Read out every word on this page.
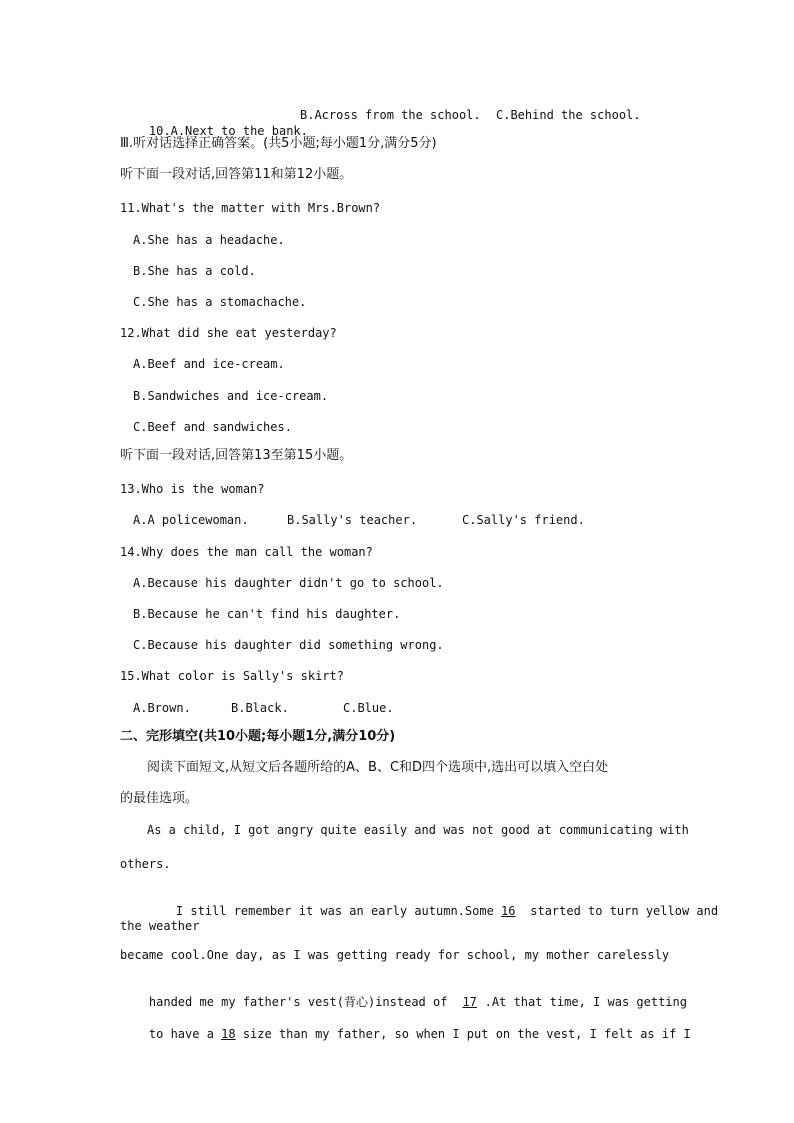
10.A.Next to the bank.

B.Across from the school. C.Behind the school.
Ⅲ.听对话选择正确答案。(共5小题;每小题1分,满分5分)
听下面一段对话,回答第11和第12小题。
11.What's the matter with Mrs.Brown?
A.She has a headache.
B.She has a cold.
C.She has a stomachache.
12.What did she eat yesterday?
A.Beef and ice-cream.
B.Sandwiches and ice-cream.
C.Beef and sandwiches.
听下面一段对话,回答第13至第15小题。
13.Who is the woman?
A.A policewoman.	B.Sally's teacher.	C.Sally's friend.
14.Why does the man call the woman?
A.Because his daughter didn't go to school.
B.Because he can't find his daughter.
C.Because his daughter did something wrong.
15.What color is Sally's skirt?
A.Brown.	B.Black.	C.Blue.
二、完形填空(共10小题;每小题1分,满分10分)
阅读下面短文,从短文后各题所给的A、B、C和D四个选项中,选出可以填入空白处
的最佳选项。
As a child, I got angry quite easily and was not good at communicating with
others.

I still remember it was an early autumn.Some 16 started to turn yellow and

the weather
became cool.One day, as I was getting ready for school, my mother carelessly

handed me my father's vest(背心)instead of 17 .At that time, I was getting

to have a 18 size than my father, so when I put on the vest, I felt as if I
